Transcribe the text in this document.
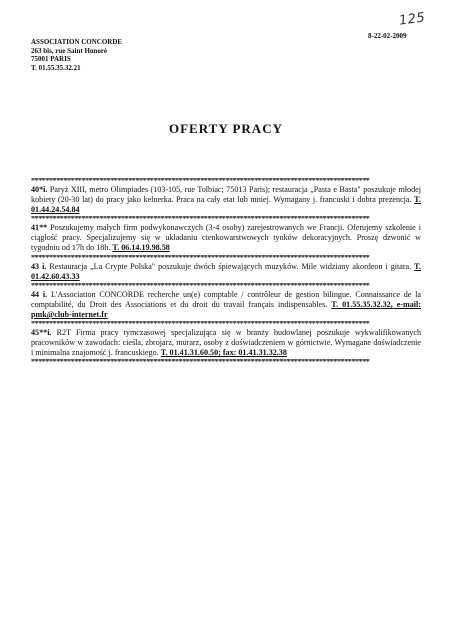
125
ASSOCIATION CONCORDE
263 bis, rue Saint Honoré
75001 PARIS
T. 01.55.35.32.21
8-22-02-2009
OFERTY PRACY
**********************************************************************************************
40*i. Paryż XIII, metro Olimpiades (103-105, rue Tolbiac; 75013 Paris); restauracja „Pasta e Basta" poszukuje młodej kobiety (20-30 lat) do pracy jako kelnerka. Praca na cały etat lub mniej. Wymagany j. francuski i dobra prezencja. T. 01.44.24.54.84
**********************************************************************************************
41** Poszukujemy małych firm podwykonawczych (3-4 osoby) zarejestrowanych we Francji. Oferujemy szkolenie i ciągłość pracy. Specjalizujemy się w układaniu cienkowarstwowych tynków dekoracyjnych. Proszę dzwonić w tygodniu od 17h do 18h. T. 06.14.19.98.58
**********************************************************************************************
43 i. Restauracja „La Crypte Polska" poszukuje dwóch śpiewających muzyków. Mile widziany akordeon i gitara. T. 01.42.60.43.33
**********************************************************************************************
44 i. L'Association CONCORDE recherche un(e) comptable / contrôleur de gestion bilingue. Connaissance de la comptabilité, du Droit des Associations et du droit du travail français indispensables. T. 01.55.35.32.32, e-mail: pmk@club-internet.fr
**********************************************************************************************
45**i. R2T Firma pracy tymczasowej specjalizująca się w branży budowlanej poszukuje wykwalifikowanych pracowników w zawodach: cieśla, zbrojarz, murarz, osoby z doświadczeniem w górnictwie. Wymagane doświadczenie i minimalna znajomość j. francuskiego. T. 01.41.31.60.50; fax: 01.41.31.32.38
**********************************************************************************************
